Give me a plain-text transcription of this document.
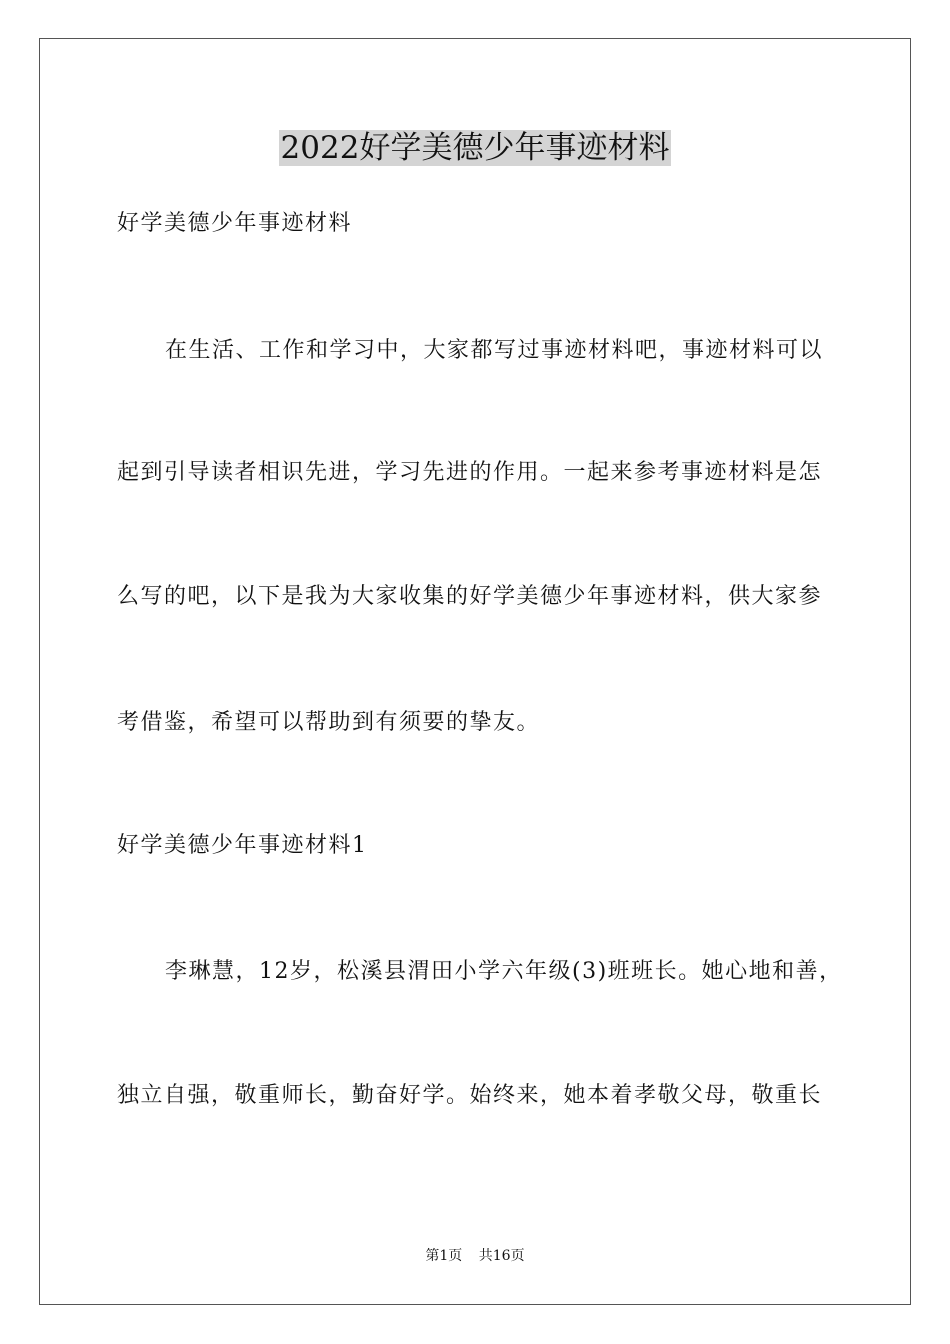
2022好学美德少年事迹材料
好学美德少年事迹材料
在生活、工作和学习中，大家都写过事迹材料吧，事迹材料可以
起到引导读者相识先进，学习先进的作用。一起来参考事迹材料是怎
么写的吧，以下是我为大家收集的好学美德少年事迹材料，供大家参
考借鉴，希望可以帮助到有须要的挚友。
好学美德少年事迹材料1
李琳慧，12岁，松溪县渭田小学六年级(3)班班长。她心地和善，
独立自强，敬重师长，勤奋好学。始终来，她本着孝敬父母，敬重长
第1页 共16页
